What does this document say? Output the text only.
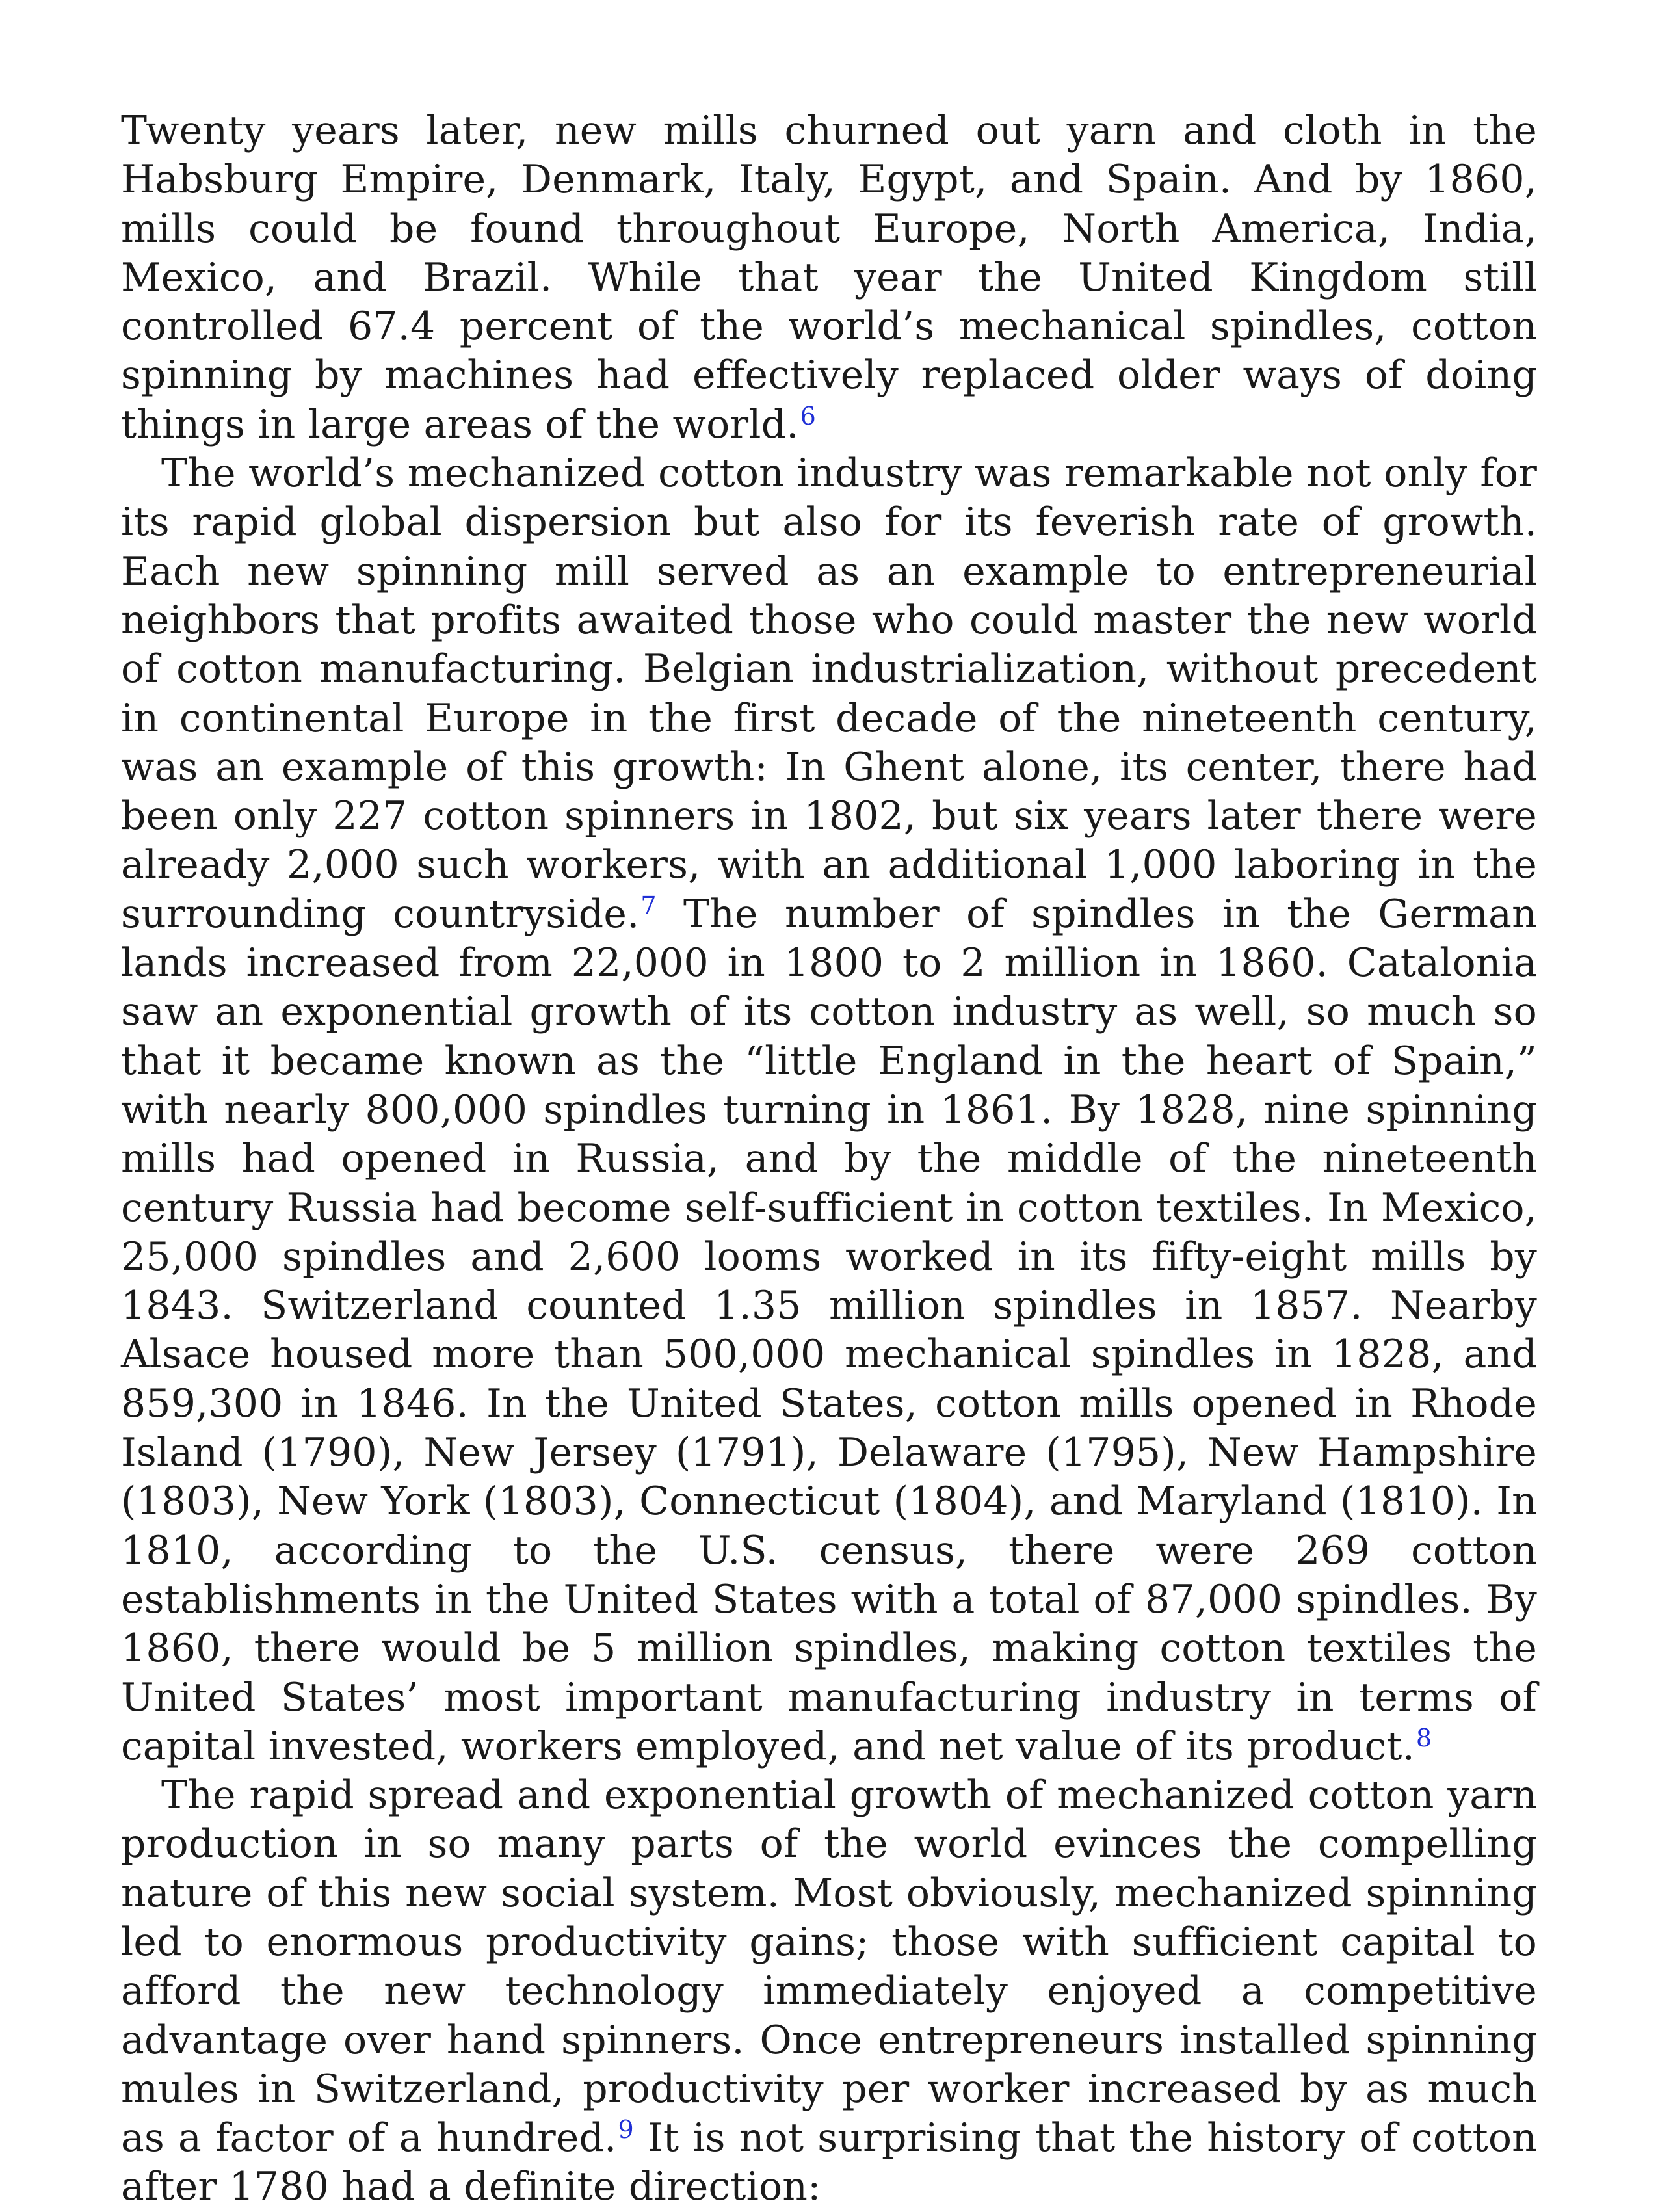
Twenty years later, new mills churned out yarn and cloth in the Habsburg Empire, Denmark, Italy, Egypt, and Spain. And by 1860, mills could be found throughout Europe, North America, India, Mexico, and Brazil. While that year the United Kingdom still controlled 67.4 percent of the world’s mechanical spindles, cotton spinning by machines had effectively replaced older ways of doing things in large areas of the world.$^6$

The world’s mechanized cotton industry was remarkable not only for its rapid global dispersion but also for its feverish rate of growth. Each new spinning mill served as an example to entrepreneurial neighbors that profits awaited those who could master the new world of cotton manufacturing. Belgian industrialization, without precedent in continental Europe in the first decade of the nineteenth century, was an example of this growth: In Ghent alone, its center, there had been only 227 cotton spinners in 1802, but six years later there were already 2,000 such workers, with an additional 1,000 laboring in the surrounding countryside.$^7$ The number of spindles in the German lands increased from 22,000 in 1800 to 2 million in 1860. Catalonia saw an exponential growth of its cotton industry as well, so much so that it became known as the “little England in the heart of Spain,” with nearly 800,000 spindles turning in 1861. By 1828, nine spinning mills had opened in Russia, and by the middle of the nineteenth century Russia had become self-sufficient in cotton textiles. In Mexico, 25,000 spindles and 2,600 looms worked in its fifty-eight mills by 1843. Switzerland counted 1.35 million spindles in 1857. Nearby Alsace housed more than 500,000 mechanical spindles in 1828, and 859,300 in 1846. In the United States, cotton mills opened in Rhode Island (1790), New Jersey (1791), Delaware (1795), New Hampshire (1803), New York (1803), Connecticut (1804), and Maryland (1810). In 1810, according to the U.S. census, there were 269 cotton establishments in the United States with a total of 87,000 spindles. By 1860, there would be 5 million spindles, making cotton textiles the United States’ most important manufacturing industry in terms of capital invested, workers employed, and net value of its product.$^8$

The rapid spread and exponential growth of mechanized cotton yarn production in so many parts of the world evinces the compelling nature of this new social system. Most obviously, mechanized spinning led to enormous productivity gains; those with sufficient capital to afford the new technology immediately enjoyed a competitive advantage over hand spinners. Once entrepreneurs installed spinning mules in Switzerland, productivity per worker increased by as much as a factor of a hundred.$^9$ It is not surprising that the history of cotton after 1780 had a definite direction:
